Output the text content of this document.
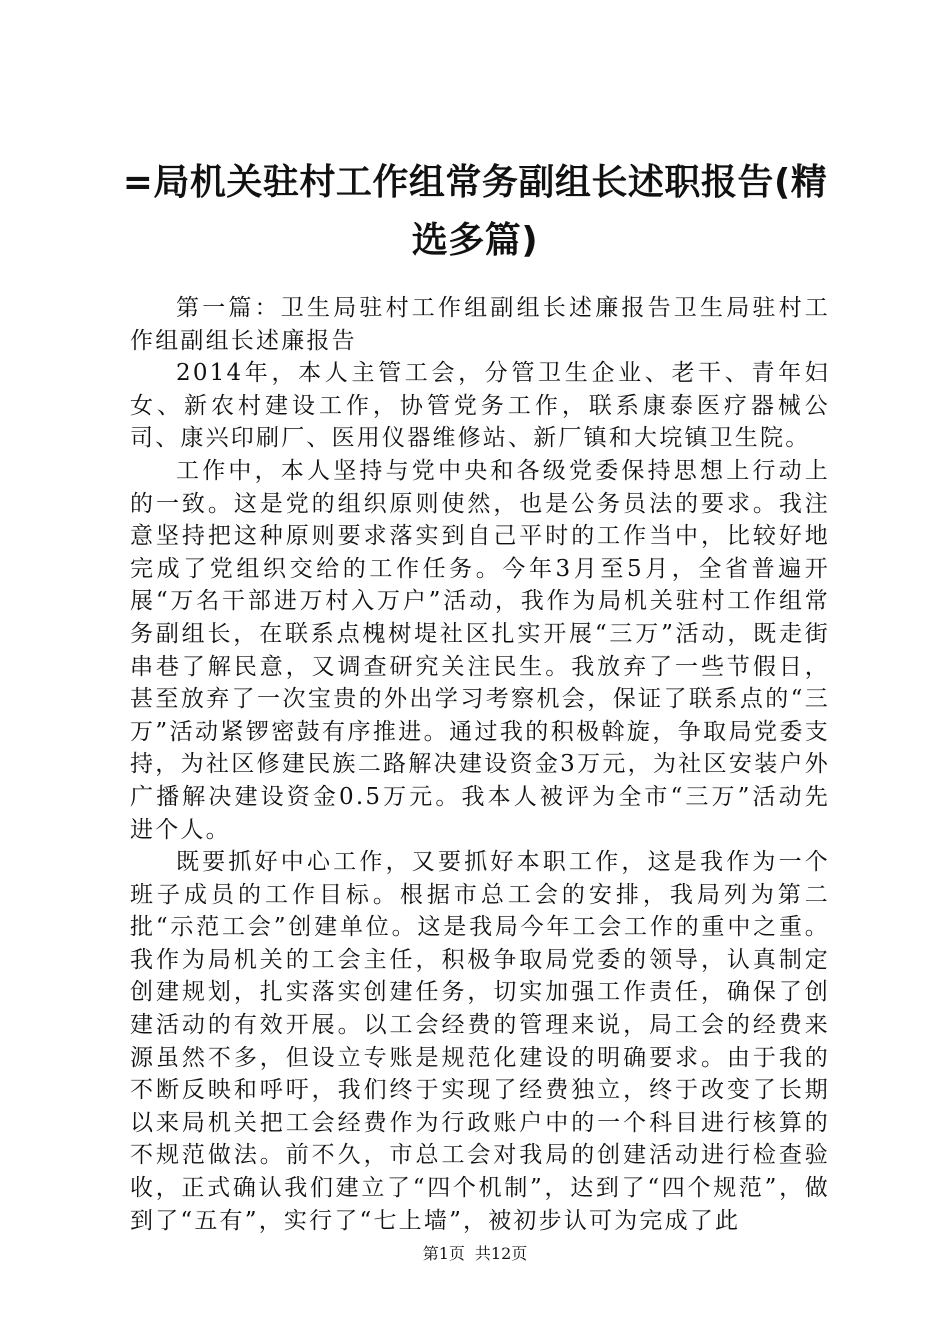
=局机关驻村工作组常务副组长述职报告(精选多篇)

第一篇：卫生局驻村工作组副组长述廉报告卫生局驻村工作组副组长述廉报告

2014年，本人主管工会，分管卫生企业、老干、青年妇女、新农村建设工作，协管党务工作，联系康泰医疗器械公司、康兴印刷厂、医用仪器维修站、新厂镇和大垸镇卫生院。

工作中，本人坚持与党中央和各级党委保持思想上行动上的一致。这是党的组织原则使然，也是公务员法的要求。我注意坚持把这种原则要求落实到自己平时的工作当中，比较好地完成了党组织交给的工作任务。今年3月至5月，全省普遍开展“万名干部进万村入万户”活动，我作为局机关驻村工作组常务副组长，在联系点槐树堤社区扎实开展“三万”活动，既走街串巷了解民意，又调查研究关注民生。我放弃了一些节假日，甚至放弃了一次宝贵的外出学习考察机会，保证了联系点的“三万”活动紧锣密鼓有序推进。通过我的积极斡旋，争取局党委支持，为社区修建民族二路解决建设资金3万元，为社区安装户外广播解决建设资金0.5万元。我本人被评为全市“三万”活动先进个人。

既要抓好中心工作，又要抓好本职工作，这是我作为一个班子成员的工作目标。根据市总工会的安排，我局列为第二批“示范工会”创建单位。这是我局今年工会工作的重中之重。我作为局机关的工会主任，积极争取局党委的领导，认真制定创建规划，扎实落实创建任务，切实加强工作责任，确保了创建活动的有效开展。以工会经费的管理来说，局工会的经费来源虽然不多，但设立专账是规范化建设的明确要求。由于我的不断反映和呼吁，我们终于实现了经费独立，终于改变了长期以来局机关把工会经费作为行政账户中的一个科目进行核算的不规范做法。前不久，市总工会对我局的创建活动进行检查验收，正式确认我们建立了“四个机制”，达到了“四个规范”，做到了“五有”，实行了“七上墙”，被初步认可为完成了此

第1页 共12页
